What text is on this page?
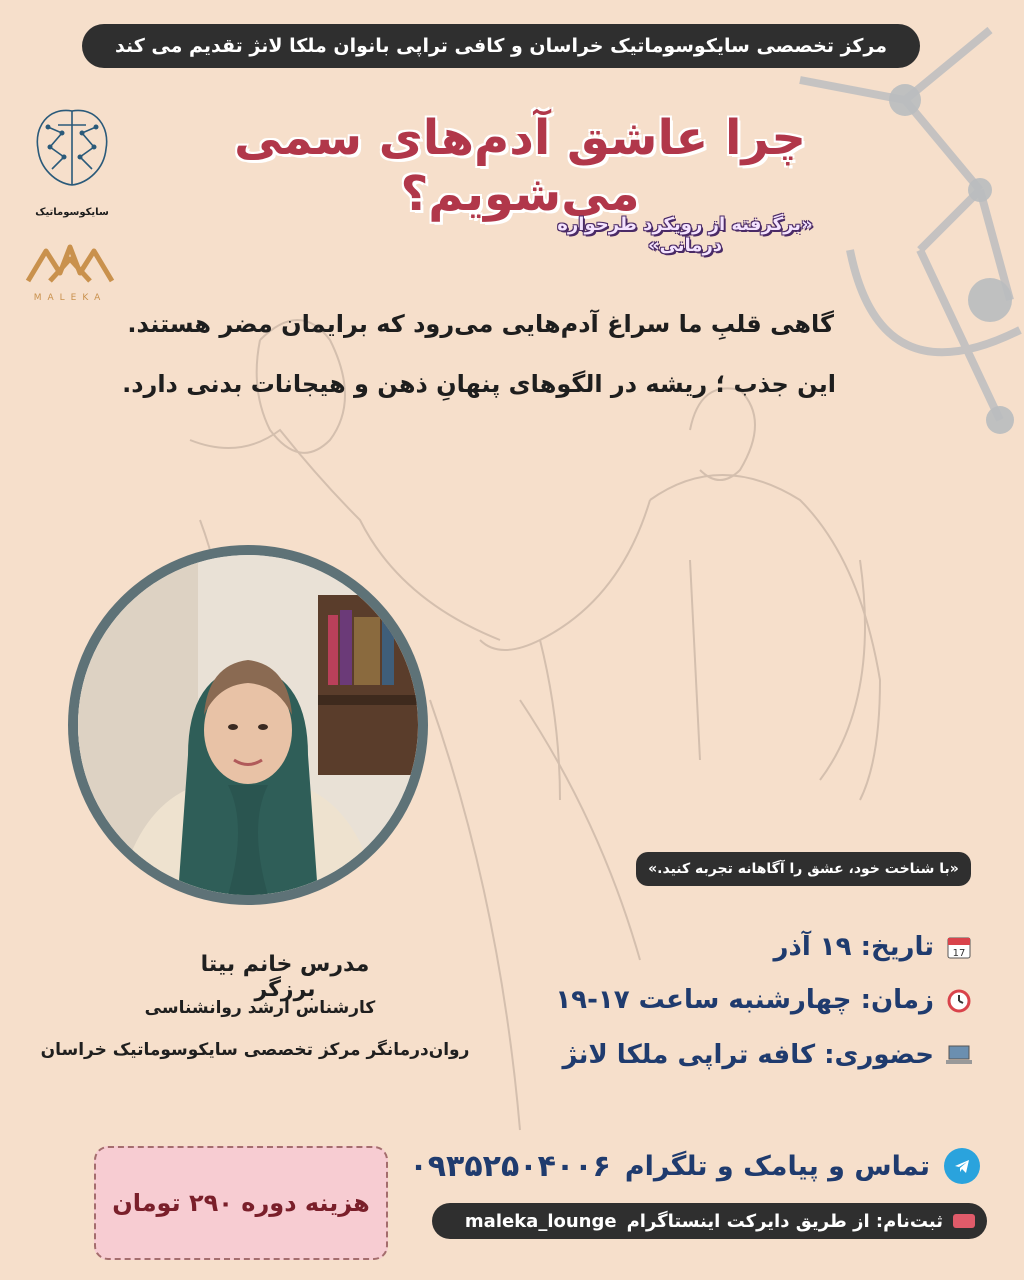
مرکز تخصصی سایکوسوماتیک خراسان و کافی تراپی بانوان ملکا لانژ تقدیم می کند
سایکوسوماتیک
MALEKA
چرا عاشق آدم‌های سمی می‌شویم؟
«برگرفته از رویکرد طرحواره درمانی»
گاهی قلبِ ما سراغ آدم‌هایی می‌رود که برایمان مضر هستند.
این جذب ؛ ریشه در الگوهای پنهانِ ذهن و هیجانات بدنی دارد.
«با شناخت خود، عشق را آگاهانه تجربه کنید.»
مدرس خانم بیتا برزگر
کارشناس ارشد روانشناسی
روان‌درمانگر مرکز تخصصی سایکوسوماتیک خراسان
17
تاریخ: ۱۹ آذر
زمان: چهارشنبه ساعت ۱۷-۱۹
حضوری: کافه تراپی ملکا لانژ
هزینه دوره ۲۹۰ تومان
تماس و پیامک و تلگرام
۰۹۳۵۲۵۰۴۰۰۶
ثبت‌نام: از طریق دایرکت اینستاگرام
maleka_lounge
